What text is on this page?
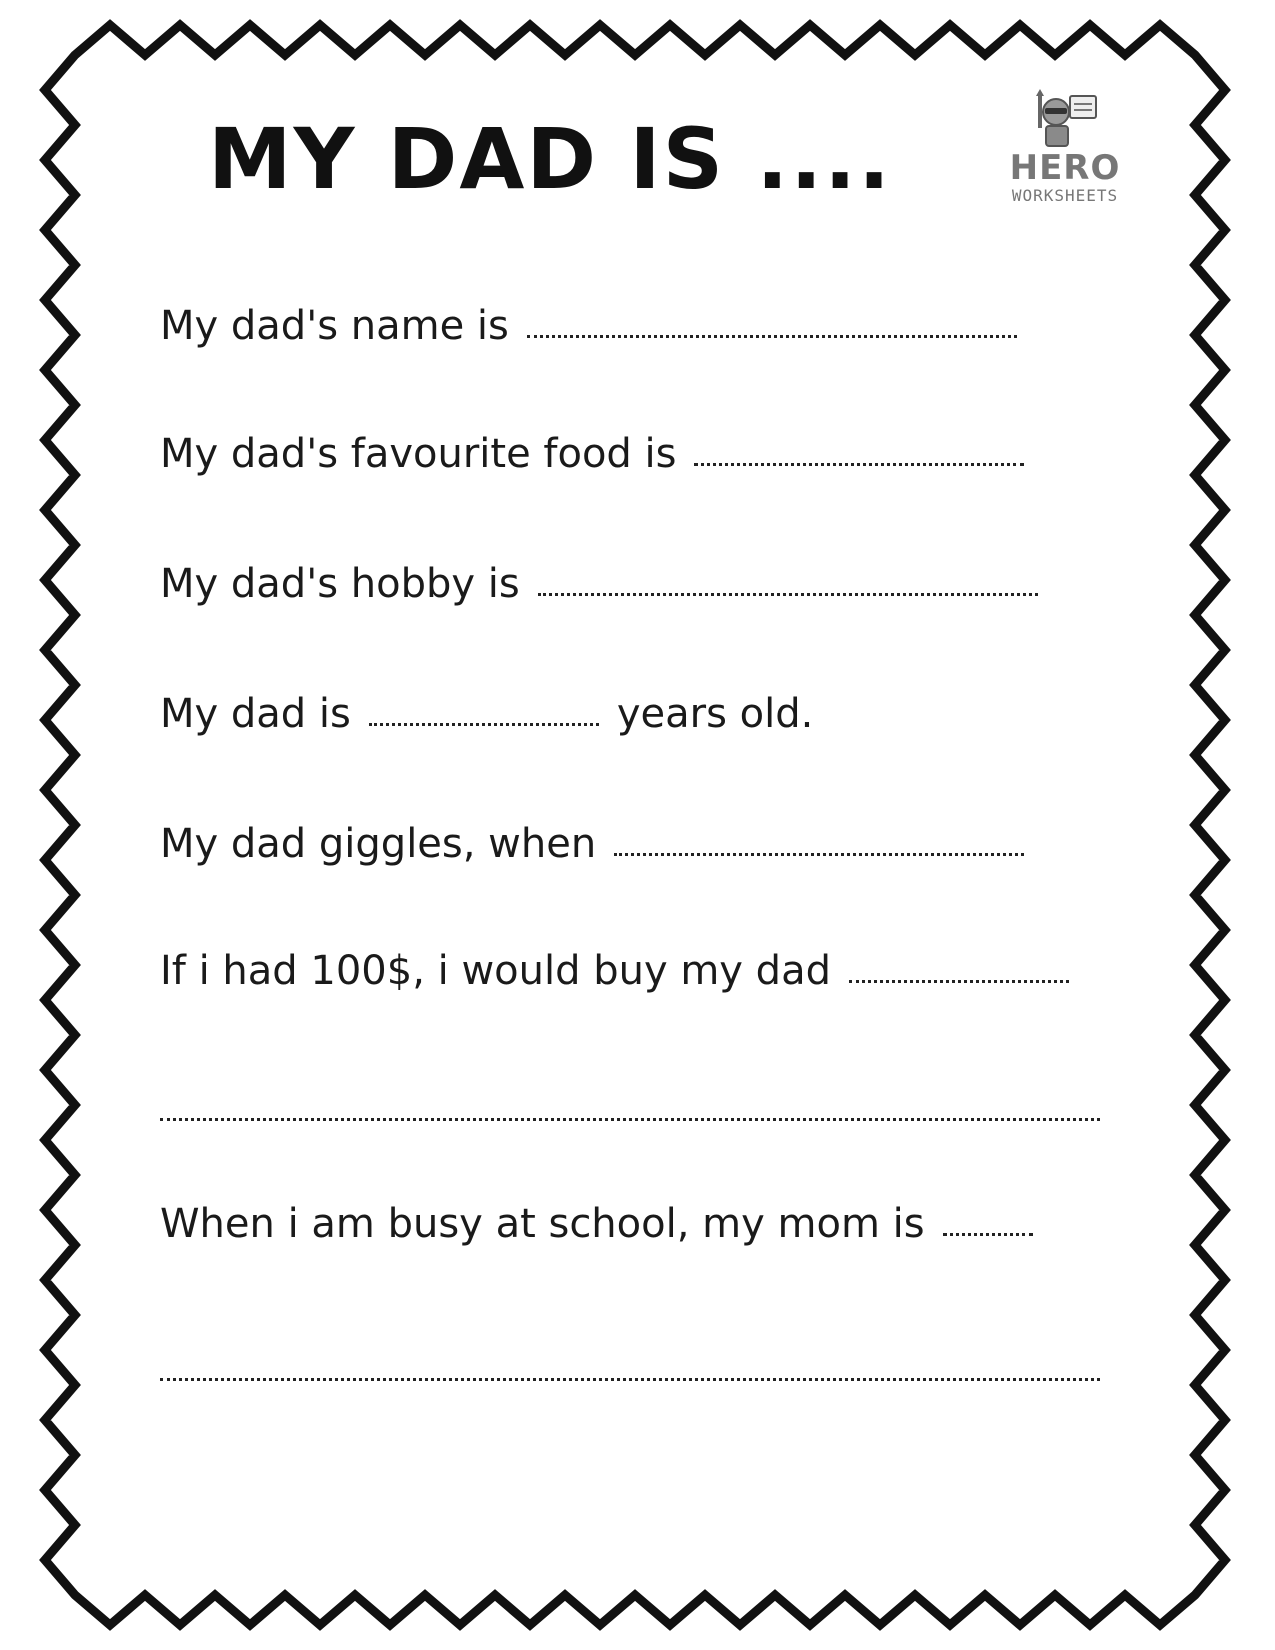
MY DAD IS ....	HERO
WORKSHEETS
My dad's name is
My dad's favourite food is
My dad's hobby is
My dad is	years old.
My dad giggles, when
If i had 100$, i would buy my dad
When i am busy at school, my mom is
